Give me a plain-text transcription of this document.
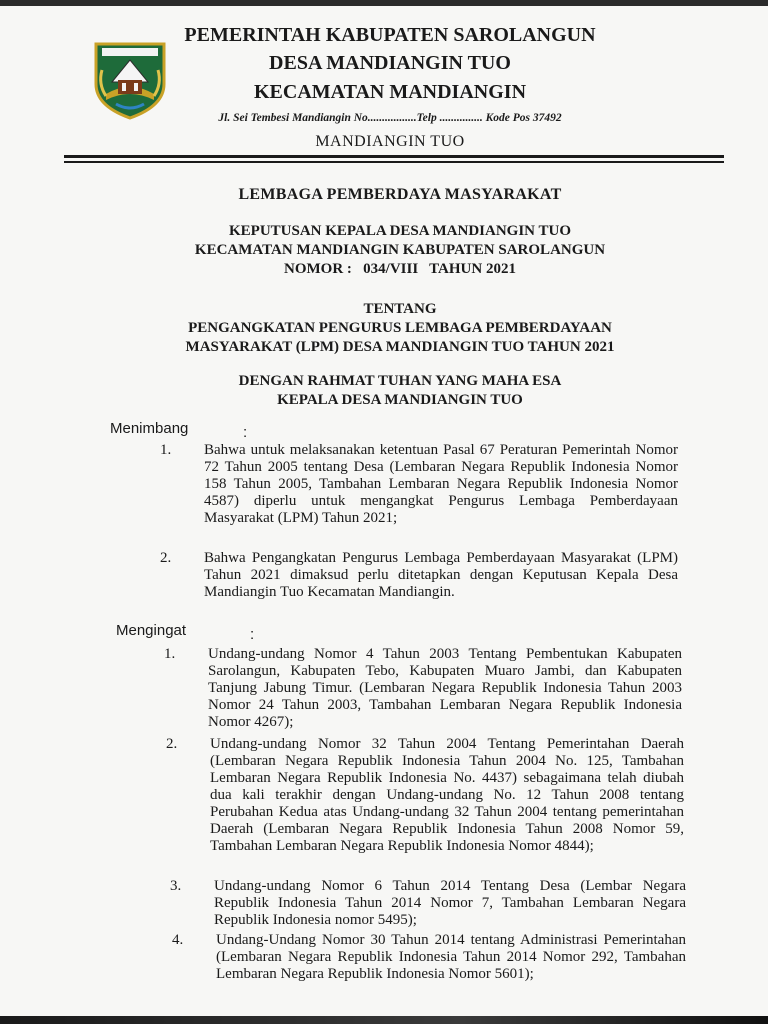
PEMERINTAH KABUPATEN SAROLANGUN
DESA MANDIANGIN TUO
KECAMATAN MANDIANGIN
Jl. Sei Tembesi Mandiangin No.................Telp ............... Kode Pos 37492
MANDIANGIN TUO
LEMBAGA PEMBERDAYA MASYARAKAT
KEPUTUSAN KEPALA DESA MANDIANGIN TUO
KECAMATAN MANDIANGIN KABUPATEN SAROLANGUN
NOMOR :   034/VIII   TAHUN 2021
TENTANG
PENGANGKATAN PENGURUS LEMBAGA PEMBERDAYAAN
MASYARAKAT (LPM) DESA MANDIANGIN TUO TAHUN 2021
DENGAN RAHMAT TUHAN YANG MAHA ESA
KEPALA DESA MANDIANGIN TUO
Menimbang	:
1.	Bahwa untuk melaksanakan ketentuan Pasal 67 Peraturan Pemerintah Nomor 72 Tahun 2005 tentang Desa (Lembaran Negara Republik Indonesia Nomor 158 Tahun 2005, Tambahan Lembaran Negara Republik Indonesia Nomor 4587) diperlu untuk mengangkat Pengurus Lembaga Pemberdayaan Masyarakat (LPM) Tahun 2021;
2.	Bahwa Pengangkatan Pengurus Lembaga Pemberdayaan Masyarakat (LPM) Tahun 2021 dimaksud perlu ditetapkan dengan Keputusan Kepala Desa Mandiangin Tuo Kecamatan Mandiangin.
Mengingat	:
1.	Undang-undang Nomor 4 Tahun 2003 Tentang Pembentukan Kabupaten Sarolangun, Kabupaten Tebo, Kabupaten Muaro Jambi, dan Kabupaten Tanjung Jabung Timur. (Lembaran Negara Republik Indonesia Tahun 2003 Nomor 24 Tahun 2003, Tambahan Lembaran Negara Republik Indonesia Nomor 4267);
2.	Undang-undang Nomor 32 Tahun 2004 Tentang Pemerintahan Daerah (Lembaran Negara Republik Indonesia Tahun 2004 No. 125, Tambahan Lembaran Negara Republik Indonesia No. 4437) sebagaimana telah diubah dua kali terakhir dengan Undang-undang No. 12 Tahun 2008 tentang Perubahan Kedua atas Undang-undang 32 Tahun 2004 tentang pemerintahan Daerah (Lembaran Negara Republik Indonesia Tahun 2008 Nomor 59, Tambahan Lembaran Negara Republik Indonesia Nomor 4844);
3.	Undang-undang Nomor 6 Tahun 2014 Tentang Desa (Lembar Negara Republik Indonesia Tahun 2014 Nomor 7, Tambahan Lembaran Negara Republik Indonesia nomor 5495);
4.	Undang-Undang Nomor 30 Tahun 2014 tentang Administrasi Pemerintahan (Lembaran Negara Republik Indonesia Tahun 2014 Nomor 292, Tambahan Lembaran Negara Republik Indonesia Nomor 5601);
